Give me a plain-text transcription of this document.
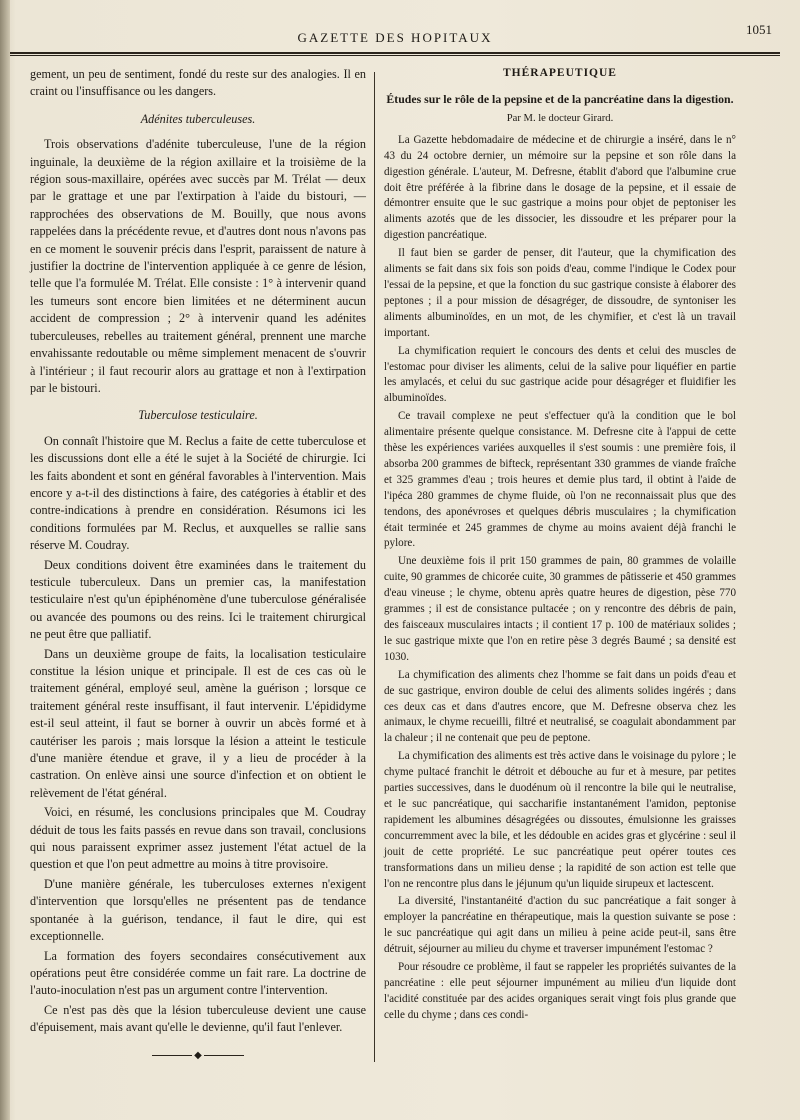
GAZETTE DES HOPITAUX
1051

gement, un peu de sentiment, fondé du reste sur des analogies. Il en craint ou l'insuffisance ou les dangers.

Adénites tuberculeuses.

Trois observations d'adénite tuberculeuse, l'une de la région inguinale, la deuxième de la région axillaire et la troisième de la région sous-maxillaire, opérées avec succès par M. Trélat — deux par le grattage et une par l'extirpation à l'aide du bistouri, — rapprochées des observations de M. Bouilly, que nous avons rappelées dans la précédente revue, et d'autres dont nous n'avons pas en ce moment le souvenir précis dans l'esprit, paraissent de nature à justifier la doctrine de l'intervention appliquée à ce genre de lésion, telle que l'a formulée M. Trélat. Elle consiste : 1° à intervenir quand les tumeurs sont encore bien limitées et ne déterminent aucun accident de compression ; 2° à intervenir quand les adénites tuberculeuses, rebelles au traitement général, prennent une marche envahissante redoutable ou même simplement menacent de s'ouvrir à l'intérieur ; il faut recourir alors au grattage et non à l'extirpation par le bistouri.

Tuberculose testiculaire.

On connaît l'histoire que M. Reclus a faite de cette tuberculose et les discussions dont elle a été le sujet à la Société de chirurgie. Ici les faits abondent et sont en général favorables à l'intervention. Mais encore y a-t-il des distinctions à faire, des catégories à établir et des contre-indications à prendre en considération. Résumons ici les conditions formulées par M. Reclus, et auxquelles se rallie sans réserve M. Coudray.

Deux conditions doivent être examinées dans le traitement du testicule tuberculeux. Dans un premier cas, la manifestation testiculaire n'est qu'un épiphénomène d'une tuberculose généralisée ou avancée des poumons ou des reins. Ici le traitement chirurgical ne peut être que palliatif.

Dans un deuxième groupe de faits, la localisation testiculaire constitue la lésion unique et principale. Il est de ces cas où le traitement général, employé seul, amène la guérison ; lorsque ce traitement général reste insuffisant, il faut intervenir. L'épididyme est-il seul atteint, il faut se borner à ouvrir un abcès formé et à cautériser les parois ; mais lorsque la lésion a atteint le testicule d'une manière étendue et grave, il y a lieu de procéder à la castration. On enlève ainsi une source d'infection et on obtient le relèvement de l'état général.

Voici, en résumé, les conclusions principales que M. Coudray déduit de tous les faits passés en revue dans son travail, conclusions qui nous paraissent exprimer assez justement l'état actuel de la question et que l'on peut admettre au moins à titre provisoire.

D'une manière générale, les tuberculoses externes n'exigent d'intervention que lorsqu'elles ne présentent pas de tendance spontanée à la guérison, tendance, il faut le dire, qui est exceptionnelle.

La formation des foyers secondaires consécutivement aux opérations peut être considérée comme un fait rare. La doctrine de l'auto-inoculation n'est pas un argument contre l'intervention.

Ce n'est pas dès que la lésion tuberculeuse devient une cause d'épuisement, mais avant qu'elle le devienne, qu'il faut l'enlever.

◆
THÉRAPEUTIQUE
Études sur le rôle de la pepsine et de la pancréatine dans la digestion.
Par M. le docteur Girard.

La Gazette hebdomadaire de médecine et de chirurgie a inséré, dans le n° 43 du 24 octobre dernier, un mémoire sur la pepsine et son rôle dans la digestion générale. L'auteur, M. Defresne, établit d'abord que l'albumine crue doit être préférée à la fibrine dans le dosage de la pepsine, et il essaie de démontrer ensuite que le suc gastrique a moins pour objet de peptoniser les aliments azotés que de les dissocier, les dissoudre et les préparer pour la digestion pancréatique.

Il faut bien se garder de penser, dit l'auteur, que la chymification des aliments se fait dans six fois son poids d'eau, comme l'indique le Codex pour l'essai de la pepsine, et que la fonction du suc gastrique consiste à élaborer des peptones ; il a pour mission de désagréger, de dissoudre, de syntoniser les aliments albuminoïdes, en un mot, de les chymifier, et c'est là un travail important.

La chymification requiert le concours des dents et celui des muscles de l'estomac pour diviser les aliments, celui de la salive pour liquéfier en partie les amylacés, et celui du suc gastrique acide pour désagréger et fluidifier les albuminoïdes.

Ce travail complexe ne peut s'effectuer qu'à la condition que le bol alimentaire présente quelque consistance. M. Defresne cite à l'appui de cette thèse les expériences variées auxquelles il s'est soumis : une première fois, il absorba 200 grammes de bifteck, représentant 330 grammes de viande fraîche et 325 grammes d'eau ; trois heures et demie plus tard, il obtint à l'aide de l'ipéca 280 grammes de chyme fluide, où l'on ne reconnaissait plus que des tendons, des aponévroses et quelques débris musculaires ; la chymification était terminée et 245 grammes de chyme au moins avaient déjà franchi le pylore.

Une deuxième fois il prit 150 grammes de pain, 80 grammes de volaille cuite, 90 grammes de chicorée cuite, 30 grammes de pâtisserie et 450 grammes d'eau vineuse ; le chyme, obtenu après quatre heures de digestion, pèse 770 grammes ; il est de consistance pultacée ; on y rencontre des débris de pain, des faisceaux musculaires intacts ; il contient 17 p. 100 de matériaux solides ; le suc gastrique mixte que l'on en retire pèse 3 degrés Baumé ; sa densité est 1030.

La chymification des aliments chez l'homme se fait dans un poids d'eau et de suc gastrique, environ double de celui des aliments solides ingérés ; dans ces deux cas et dans d'autres encore, que M. Defresne observa chez les animaux, le chyme recueilli, filtré et neutralisé, se coagulait abondamment par la chaleur ; il ne contenait que peu de peptone.

La chymification des aliments est très active dans le voisinage du pylore ; le chyme pultacé franchit le détroit et débouche au fur et à mesure, par petites parties successives, dans le duodénum où il rencontre la bile qui le neutralise, et le suc pancréatique, qui saccharifie instantanément l'amidon, peptonise rapidement les albumines désagrégées ou dissoutes, émulsionne les graisses concurremment avec la bile, et les dédouble en acides gras et glycérine : seul il jouit de cette propriété. Le suc pancréatique peut opérer toutes ces transformations dans un milieu dense ; la rapidité de son action est telle que l'on ne rencontre plus dans le jéjunum qu'un liquide sirupeux et lactescent.

La diversité, l'instantanéité d'action du suc pancréatique a fait songer à employer la pancréatine en thérapeutique, mais la question suivante se pose : le suc pancréatique qui agit dans un milieu à peine acide peut-il, sans être détruit, séjourner au milieu du chyme et traverser impunément l'estomac ?

Pour résoudre ce problème, il faut se rappeler les propriétés suivantes de la pancréatine : elle peut séjourner impunément au milieu d'un liquide dont l'acidité constituée par des acides organiques serait vingt fois plus grande que celle du chyme ; dans ces condi-
